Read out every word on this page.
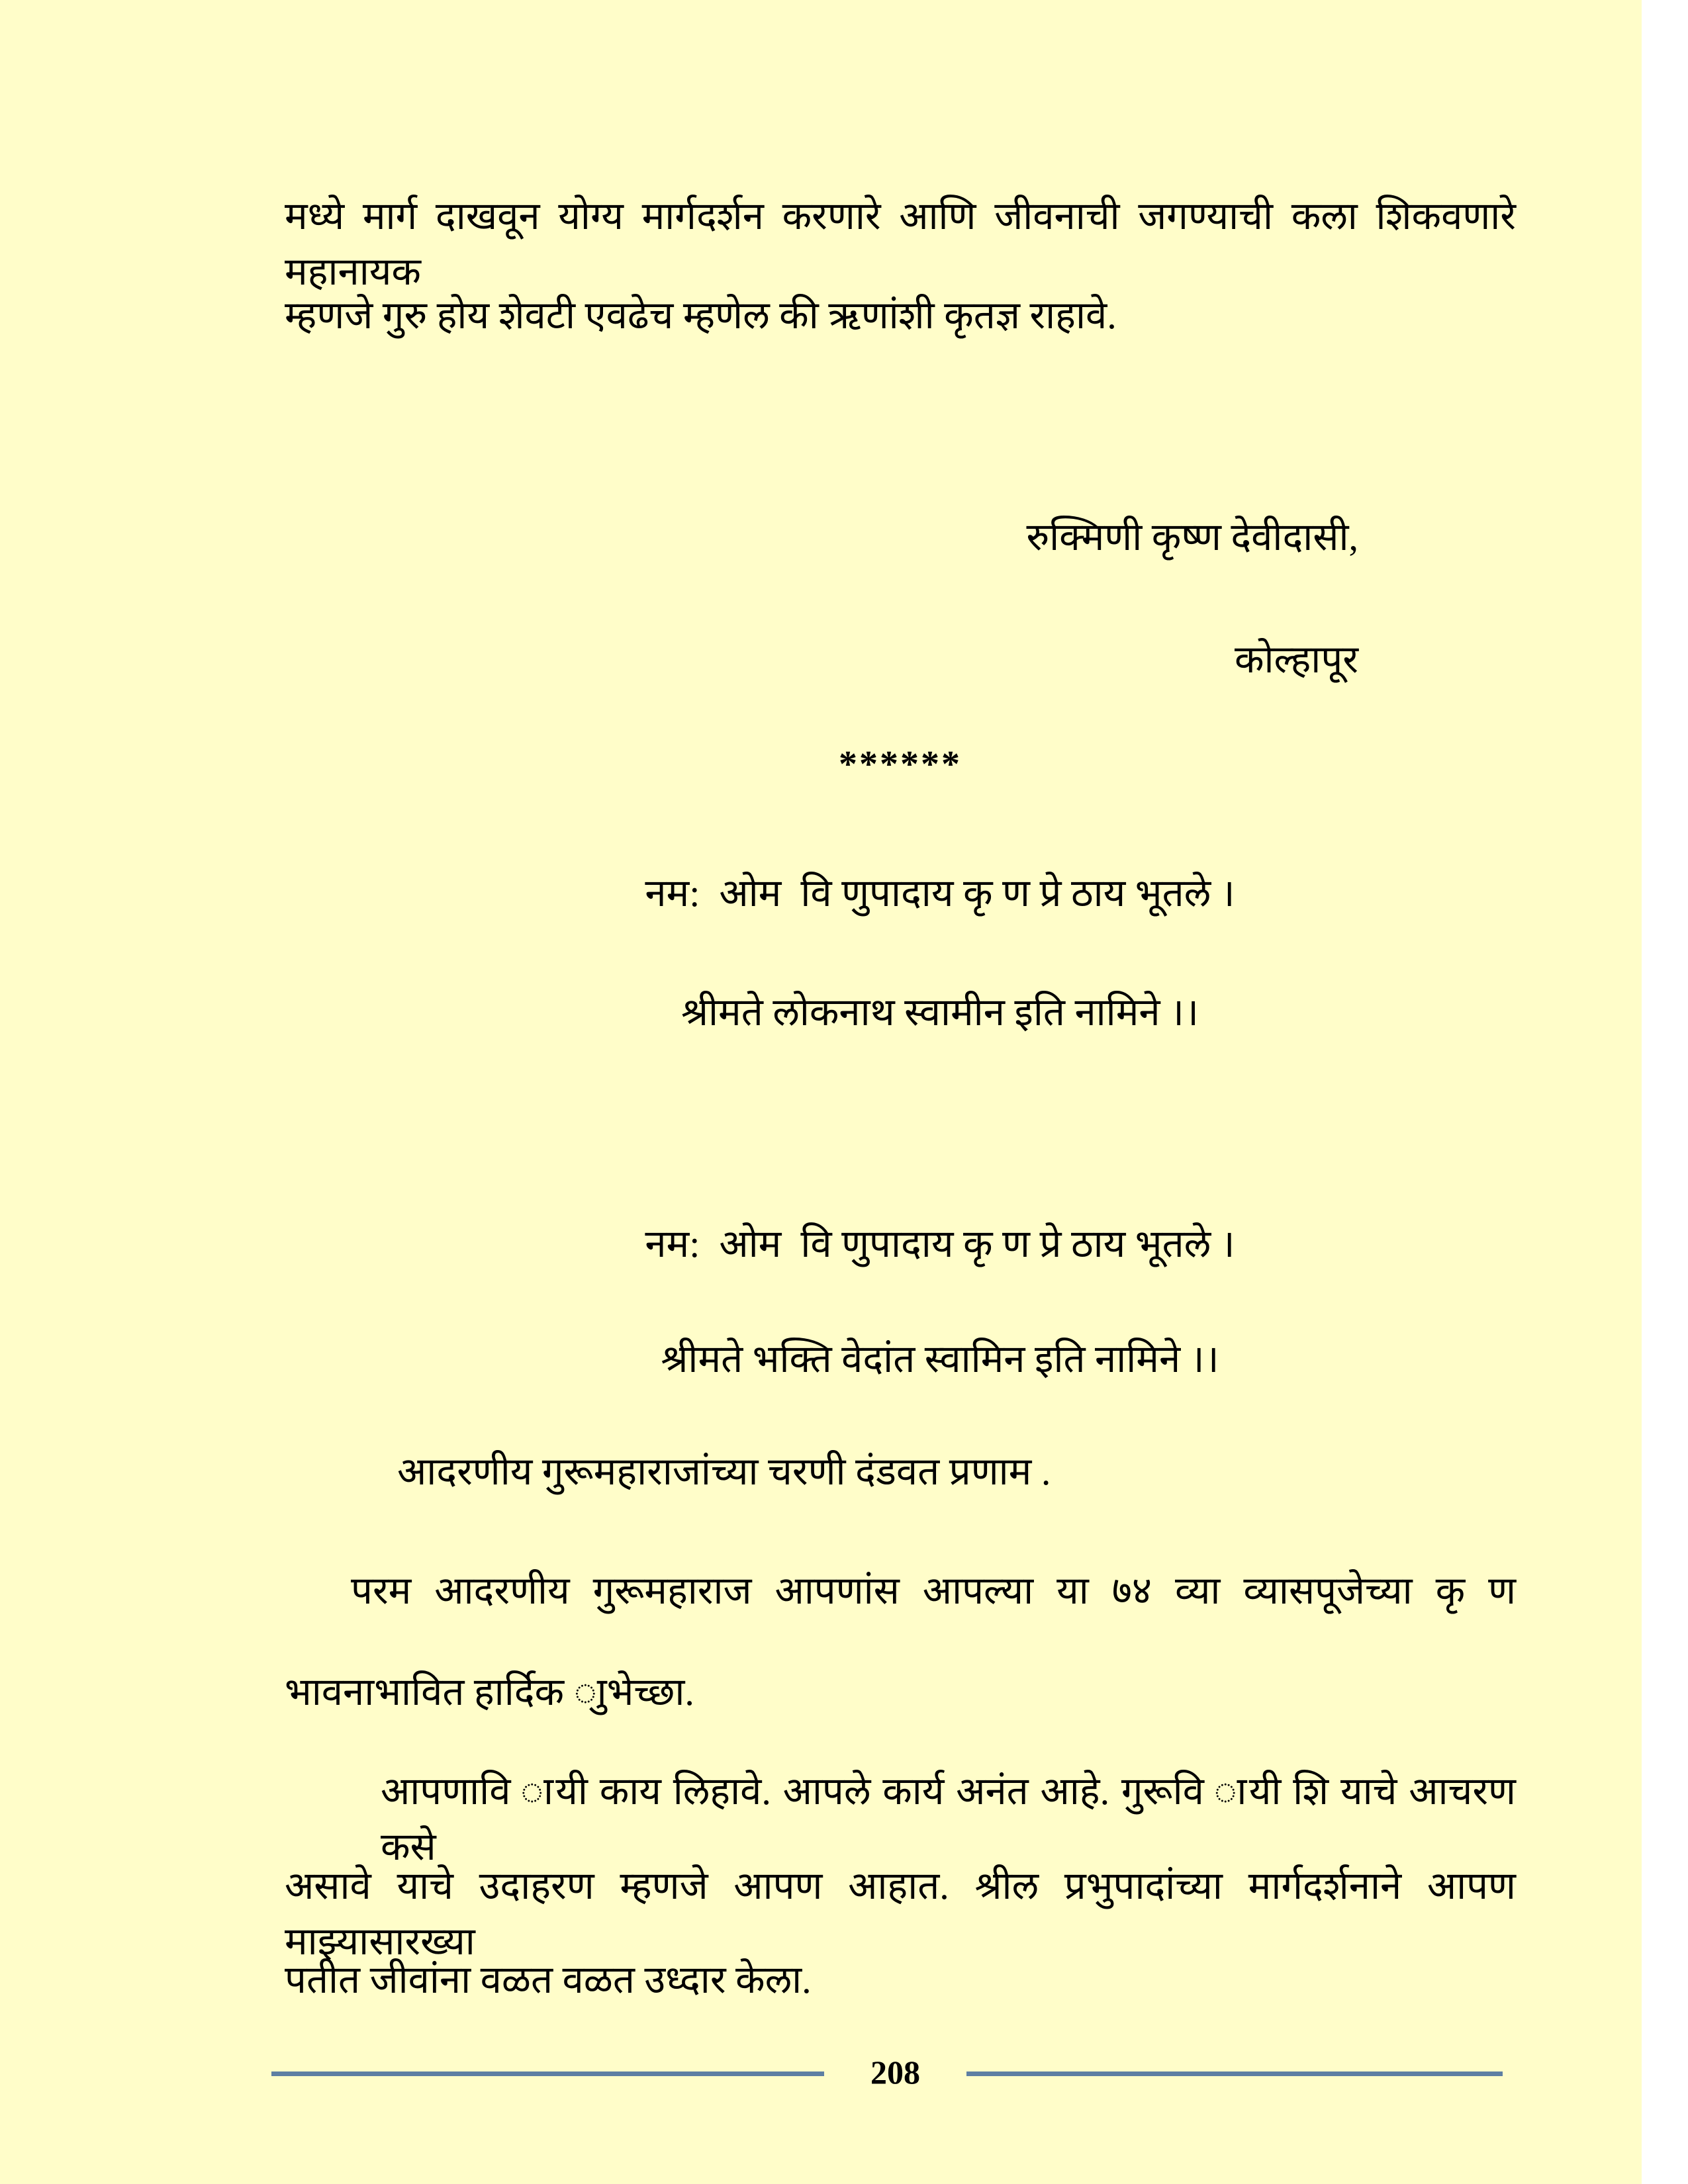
मध्ये मार्ग दाखवून योग्य मार्गदर्शन करणारे आणि जीवनाची जगण्याची कला शिकवणारे महानायक
म्हणजे गुरु होय शेवटी एवढेच म्हणेल की ऋणांशी कृतज्ञ राहावे.
रुक्मिणी कृष्ण देवीदासी,
कोल्हापूर
******
नम:  ओम  वि णुपादाय कृ ण प्रे ठाय भूतले ।
श्रीमते लोकनाथ स्वामीन इति नामिने ।।
नम:  ओम  वि णुपादाय कृ ण प्रे ठाय भूतले ।
श्रीमते भक्ति वेदांत स्वामिन इति नामिने ।।
आदरणीय गुरूमहाराजांच्या चरणी दंडवत प्रणाम .
परम आदरणीय गुरूमहाराज आपणांस आपल्या या ७४ व्या व्यासपूजेच्या कृ ण
भावनाभावित हार्दिक ाुभेच्छा.
आपणावि ायी काय लिहावे. आपले कार्य अनंत आहे. गुरूवि ायी शि याचे आचरण कसे
असावे याचे उदाहरण म्हणजे आपण आहात. श्रील प्रभुपादांच्या मार्गदर्शनाने आपण माझ्यासारख्या
पतीत जीवांना वळत वळत उध्दार केला.
208
